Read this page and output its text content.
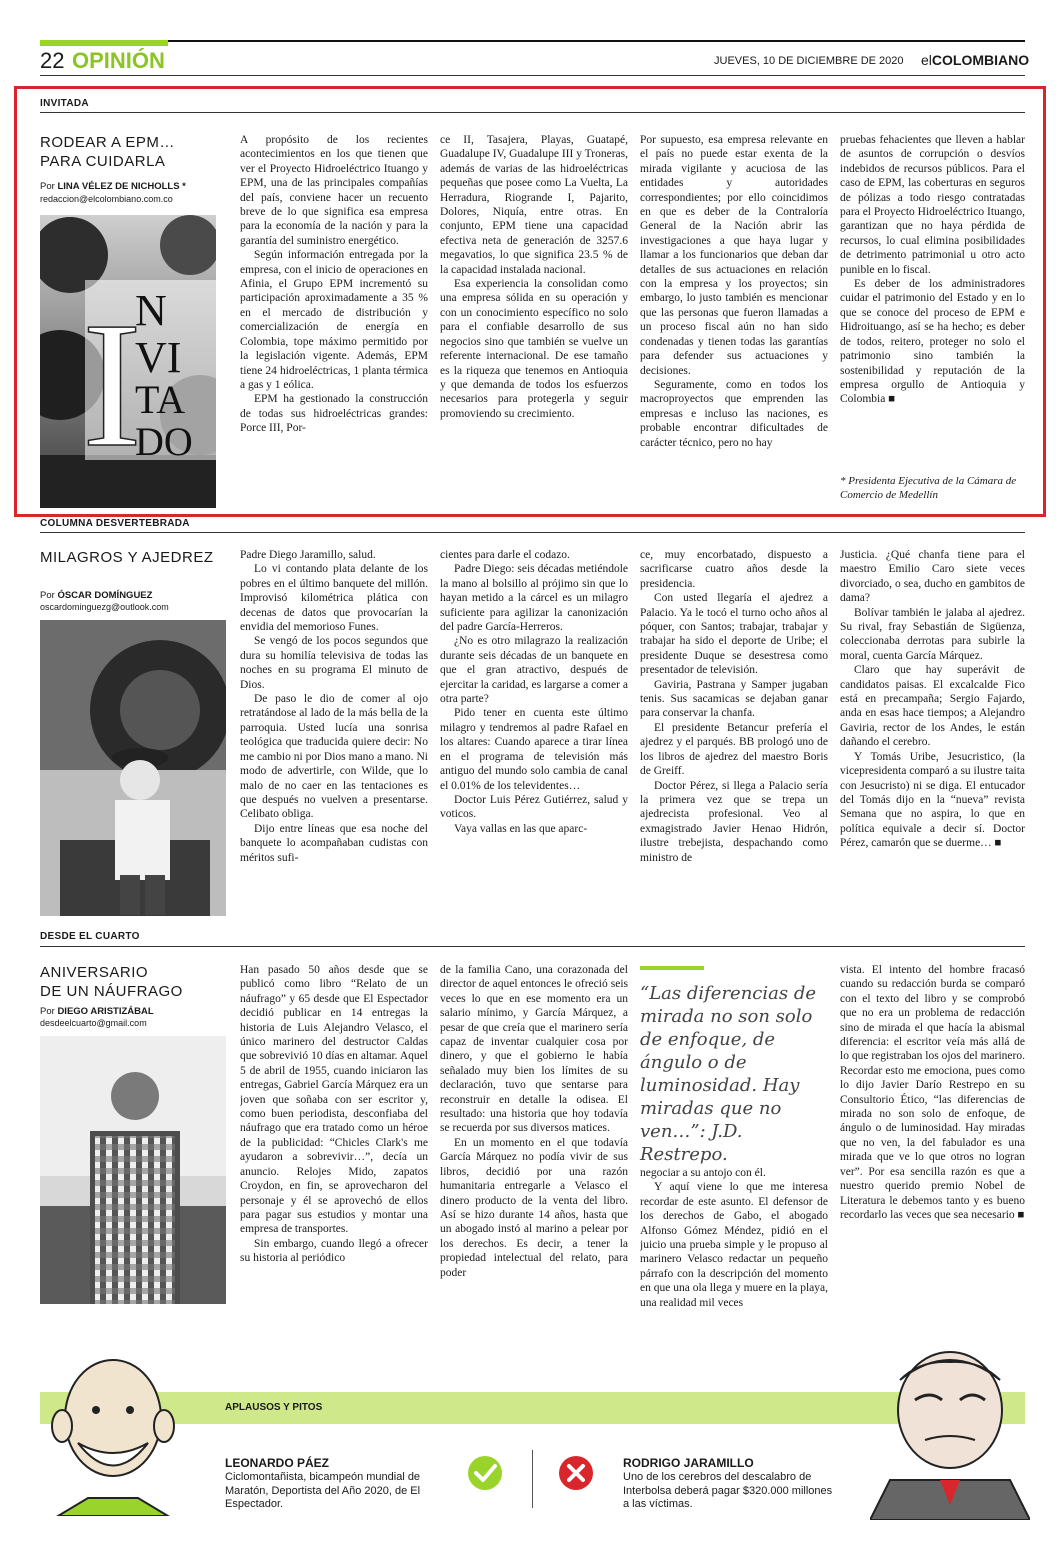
22 OPINIÓN	JUEVES, 10 DE DICIEMBRE DE 2020 elCOLOMBIANO
INVITADA
RODEAR A EPM…
PARA CUIDARLA
Por LINA VÉLEZ DE NICHOLLS *
redaccion@elcolombiano.com.co
I
N
VI
TA
DO

A propósito de los recientes acontecimientos en los que tienen que ver el Proyecto Hidroeléctrico Ituango y EPM, una de las principales compañías del país, conviene hacer un recuento breve de lo que significa esa empresa para la economía de la nación y para la garantía del suministro energético.

Según información entregada por la empresa, con el inicio de operaciones en Afinia, el Grupo EPM incrementó su participación aproximadamente a 35 % en el mercado de distribución y comercialización de energía en Colombia, tope máximo permitido por la legislación vigente. Además, EPM tiene 24 hidroeléctricas, 1 planta térmica a gas y 1 eólica.

EPM ha gestionado la construcción de todas sus hidroeléctricas grandes: Porce III, Por-

ce II, Tasajera, Playas, Guatapé, Guadalupe IV, Guadalupe III y Troneras, además de varias de las hidroeléctricas pequeñas que posee como La Vuelta, La Herradura, Riogrande I, Pajarito, Dolores, Niquía, entre otras. En conjunto, EPM tiene una capacidad efectiva neta de generación de 3257.6 megavatios, lo que significa 23.5 % de la capacidad instalada nacional.

Esa experiencia la consolidan como una empresa sólida en su operación y con un conocimiento específico no solo para el confiable desarrollo de sus negocios sino que también se vuelve un referente internacional. De ese tamaño es la riqueza que tenemos en Antioquia y que demanda de todos los esfuerzos necesarios para protegerla y seguir promoviendo su crecimiento.

Por supuesto, esa empresa relevante en el país no puede estar exenta de la mirada vigilante y acuciosa de las entidades y autoridades correspondientes; por ello coincidimos en que es deber de la Contraloría General de la Nación abrir las investigaciones a que haya lugar y llamar a los funcionarios que deban dar detalles de sus actuaciones en relación con la empresa y los proyectos; sin embargo, lo justo también es mencionar que las personas que fueron llamadas a un proceso fiscal aún no han sido condenadas y tienen todas las garantías para defender sus actuaciones y decisiones.

Seguramente, como en todos los macroproyectos que emprenden las empresas e incluso las naciones, es probable encontrar dificultades de carácter técnico, pero no hay

pruebas fehacientes que lleven a hablar de asuntos de corrupción o desvíos indebidos de recursos públicos. Para el caso de EPM, las coberturas en seguros de pólizas a todo riesgo contratadas para el Proyecto Hidroeléctrico Ituango, garantizan que no haya pérdida de recursos, lo cual elimina posibilidades de detrimento patrimonial u otro acto punible en lo fiscal.

Es deber de los administradores cuidar el patrimonio del Estado y en lo que se conoce del proceso de EPM e Hidroituango, así se ha hecho; es deber de todos, reitero, proteger no solo el patrimonio sino también la sostenibilidad y reputación de la empresa orgullo de Antioquia y Colombia ■

* Presidenta Ejecutiva de la Cámara de Comercio de Medellín
COLUMNA DESVERTEBRADA
MILAGROS Y AJEDREZ
Por ÓSCAR DOMÍNGUEZ
oscardominguezg@outlook.com

Padre Diego Jaramillo, salud.

Lo vi contando plata delante de los pobres en el último banquete del millón. Improvisó kilométrica plática con decenas de datos que provocarían la envidia del memorioso Funes.

Se vengó de los pocos segundos que dura su homilía televisiva de todas las noches en su programa El minuto de Dios.

De paso le dio de comer al ojo retratándose al lado de la más bella de la parroquia. Usted lucía una sonrisa teológica que traducida quiere decir: No me cambio ni por Dios mano a mano. Ni modo de advertirle, con Wilde, que lo malo de no caer en las tentaciones es que después no vuelven a presentarse. Celibato obliga.

Dijo entre líneas que esa noche del banquete lo acompañaban cudistas con méritos sufi-

cientes para darle el codazo.

Padre Diego: seis décadas metiéndole la mano al bolsillo al prójimo sin que lo hayan metido a la cárcel es un milagro suficiente para agilizar la canonización del padre García-Herreros.

¿No es otro milagrazo la realización durante seis décadas de un banquete en que el gran atractivo, después de ejercitar la caridad, es largarse a comer a otra parte?

Pido tener en cuenta este último milagro y tendremos al padre Rafael en los altares: Cuando aparece a tirar línea en el programa de televisión más antiguo del mundo solo cambia de canal el 0.01% de los televidentes…

Doctor Luis Pérez Gutiérrez, salud y voticos.

Vaya vallas en las que aparc-

ce, muy encorbatado, dispuesto a sacrificarse cuatro años desde la presidencia.

Con usted llegaría el ajedrez a Palacio. Ya le tocó el turno ocho años al póquer, con Santos; trabajar, trabajar y trabajar ha sido el deporte de Uribe; el presidente Duque se desestresa como presentador de televisión.

Gaviria, Pastrana y Samper jugaban tenis. Sus sacamicas se dejaban ganar para conservar la chanfa.

El presidente Betancur prefería el ajedrez y el parqués. BB prologó uno de los libros de ajedrez del maestro Boris de Greiff.

Doctor Pérez, si llega a Palacio sería la primera vez que se trepa un ajedrecista profesional. Veo al exmagistrado Javier Henao Hidrón, ilustre trebejista, despachando como ministro de

Justicia. ¿Qué chanfa tiene para el maestro Emilio Caro siete veces divorciado, o sea, ducho en gambitos de dama?

Bolívar también le jalaba al ajedrez. Su rival, fray Sebastián de Sigüenza, coleccionaba derrotas para subirle la moral, cuenta García Márquez.

Claro que hay superávit de candidatos paisas. El excalcalde Fico está en precampaña; Sergio Fajardo, anda en esas hace tiempos; a Alejandro Gaviria, rector de los Andes, le están dañando el cerebro.

Y Tomás Uribe, Jesucristico, (la vicepresidenta comparó a su ilustre taita con Jesucristo) ni se diga. El entucador del Tomás dijo en la “nueva” revista Semana que no aspira, lo que en política equivale a decir sí. Doctor Pérez, camarón que se duerme… ■

DESDE EL CUARTO
ANIVERSARIO
DE UN NÁUFRAGO
Por DIEGO ARISTIZÁBAL
desdeelcuarto@gmail.com

Han pasado 50 años desde que se publicó como libro “Relato de un náufrago” y 65 desde que El Espectador decidió publicar en 14 entregas la historia de Luis Alejandro Velasco, el único marinero del destructor Caldas que sobrevivió 10 días en altamar. Aquel 5 de abril de 1955, cuando iniciaron las entregas, Gabriel García Márquez era un joven que soñaba con ser escritor y, como buen periodista, desconfiaba del náufrago que era tratado como un héroe de la publicidad: “Chicles Clark's me ayudaron a sobrevivir…”, decía un anuncio. Relojes Mido, zapatos Croydon, en fin, se aprovecharon del personaje y él se aprovechó de ellos para pagar sus estudios y montar una empresa de transportes.

Sin embargo, cuando llegó a ofrecer su historia al periódico

de la familia Cano, una corazonada del director de aquel entonces le ofreció seis veces lo que en ese momento era un salario mínimo, y García Márquez, a pesar de que creía que el marinero sería capaz de inventar cualquier cosa por dinero, y que el gobierno le había señalado muy bien los límites de su declaración, tuvo que sentarse para reconstruir en detalle la odisea. El resultado: una historia que hoy todavía se recuerda por sus diversos matices.

En un momento en el que todavía García Márquez no podía vivir de sus libros, decidió por una razón humanitaria entregarle a Velasco el dinero producto de la venta del libro. Así se hizo durante 14 años, hasta que un abogado instó al marino a pelear por los derechos. Es decir, a tener la propiedad intelectual del relato, para poder

“Las diferencias de mirada no son solo de enfoque, de ángulo o de luminosidad. Hay miradas que no ven…”: J.D. Restrepo.

negociar a su antojo con él.

Y aquí viene lo que me interesa recordar de este asunto. El defensor de los derechos de Gabo, el abogado Alfonso Gómez Méndez, pidió en el juicio una prueba simple y le propuso al marinero Velasco redactar un pequeño párrafo con la descripción del momento en que una ola llega y muere en la playa, una realidad mil veces

vista. El intento del hombre fracasó cuando su redacción burda se comparó con el texto del libro y se comprobó que no era un problema de redacción sino de mirada el que hacía la abismal diferencia: el escritor veía más allá de lo que registraban los ojos del marinero. Recordar esto me emociona, pues como lo dijo Javier Darío Restrepo en su Consultorio Ético, “las diferencias de mirada no son solo de enfoque, de ángulo o de luminosidad. Hay miradas que no ven, la del fabulador es una mirada que ve lo que otros no logran ver”. Por esa sencilla razón es que a nuestro querido premio Nobel de Literatura le debemos tanto y es bueno recordarlo las veces que sea necesario ■

APLAUSOS Y PITOS
LEONARDO PÁEZ
Ciclomontañista, bicampeón mundial de Maratón, Deportista del Año 2020, de El Espectador.
RODRIGO JARAMILLO
Uno de los cerebros del descalabro de Interbolsa deberá pagar $320.000 millones a las víctimas.
